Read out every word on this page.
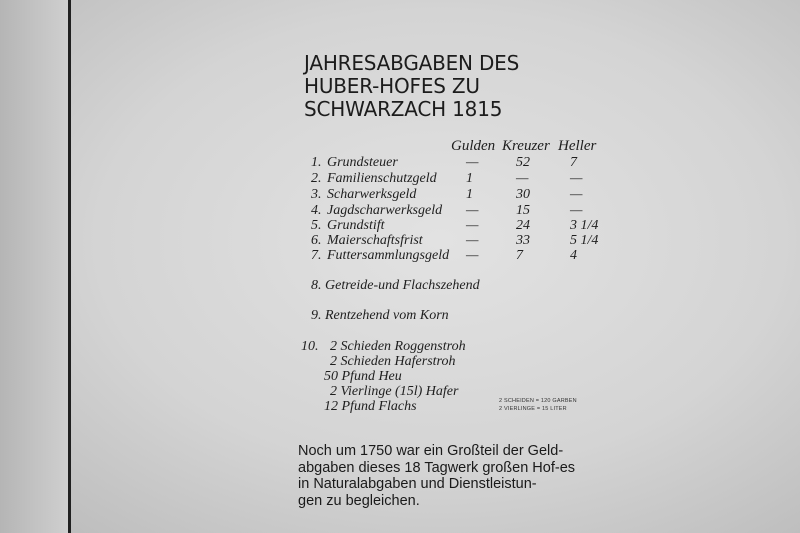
JAHRESABGABEN DES
HUBER-HOFES ZU
SCHWARZACH 1815
Gulden Kreuzer Heller
1. Grundsteuer	—	52	7
2. Familienschutzgeld 1	—	—
3. Scharwerksgeld	1	30	—
4. Jagdscharwerksgeld —	15	—
5. Grundstift	—	24	3 1/4
6. Maierschaftsfrist	—	33	5 1/4
7. Futtersammlungsgeld —	7	4
8. Getreide-und Flachszehend
9. Rentzehend vom Korn
10. 2 Schieden Roggenstroh
2 Schieden Haferstroh
50 Pfund Heu
2 Vierlinge (15l) Hafer
12 Pfund Flachs	2 SCHEIDEN = 120 GARBEN
2 VIERLINGE = 15 LITER
Noch um 1750 war ein Großteil der Geld-
abgaben dieses 18 Tagwerk großen Hof-es
in Naturalabgaben und Dienstleistun-
gen zu begleichen.
